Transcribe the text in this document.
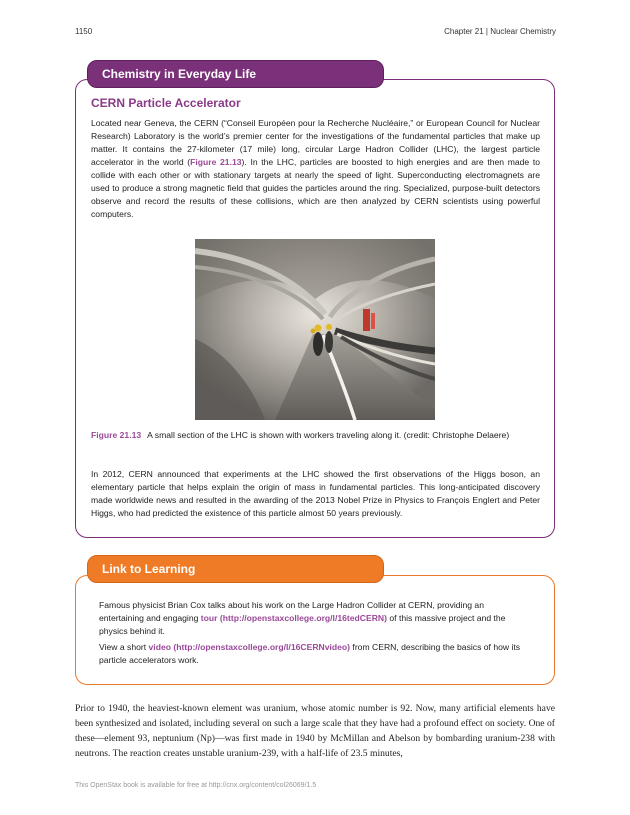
1150	Chapter 21 | Nuclear Chemistry
Chemistry in Everyday Life
CERN Particle Accelerator

Located near Geneva, the CERN (“Conseil Européen pour la Recherche Nucléaire,” or European Council for Nuclear Research) Laboratory is the world’s premier center for the investigations of the fundamental particles that make up matter. It contains the 27-kilometer (17 mile) long, circular Large Hadron Collider (LHC), the largest particle accelerator in the world (Figure 21.13). In the LHC, particles are boosted to high energies and are then made to collide with each other or with stationary targets at nearly the speed of light. Superconducting electromagnets are used to produce a strong magnetic field that guides the particles around the ring. Specialized, purpose-built detectors observe and record the results of these collisions, which are then analyzed by CERN scientists using powerful computers.

Figure 21.13 A small section of the LHC is shown with workers traveling along it. (credit: Christophe Delaere)

In 2012, CERN announced that experiments at the LHC showed the first observations of the Higgs boson, an elementary particle that helps explain the origin of mass in fundamental particles. This long-anticipated discovery made worldwide news and resulted in the awarding of the 2013 Nobel Prize in Physics to François Englert and Peter Higgs, who had predicted the existence of this particle almost 50 years previously.

Link to Learning

Famous physicist Brian Cox talks about his work on the Large Hadron Collider at CERN, providing an entertaining and engaging tour (http://openstaxcollege.org/l/16tedCERN) of this massive project and the physics behind it.

View a short video (http://openstaxcollege.org/l/16CERNvideo) from CERN, describing the basics of how its particle accelerators work.

Prior to 1940, the heaviest-known element was uranium, whose atomic number is 92. Now, many artificial elements have been synthesized and isolated, including several on such a large scale that they have had a profound effect on society. One of these—element 93, neptunium (Np)—was first made in 1940 by McMillan and Abelson by bombarding uranium-238 with neutrons. The reaction creates unstable uranium-239, with a half-life of 23.5 minutes,

This OpenStax book is available for free at http://cnx.org/content/col26069/1.5
